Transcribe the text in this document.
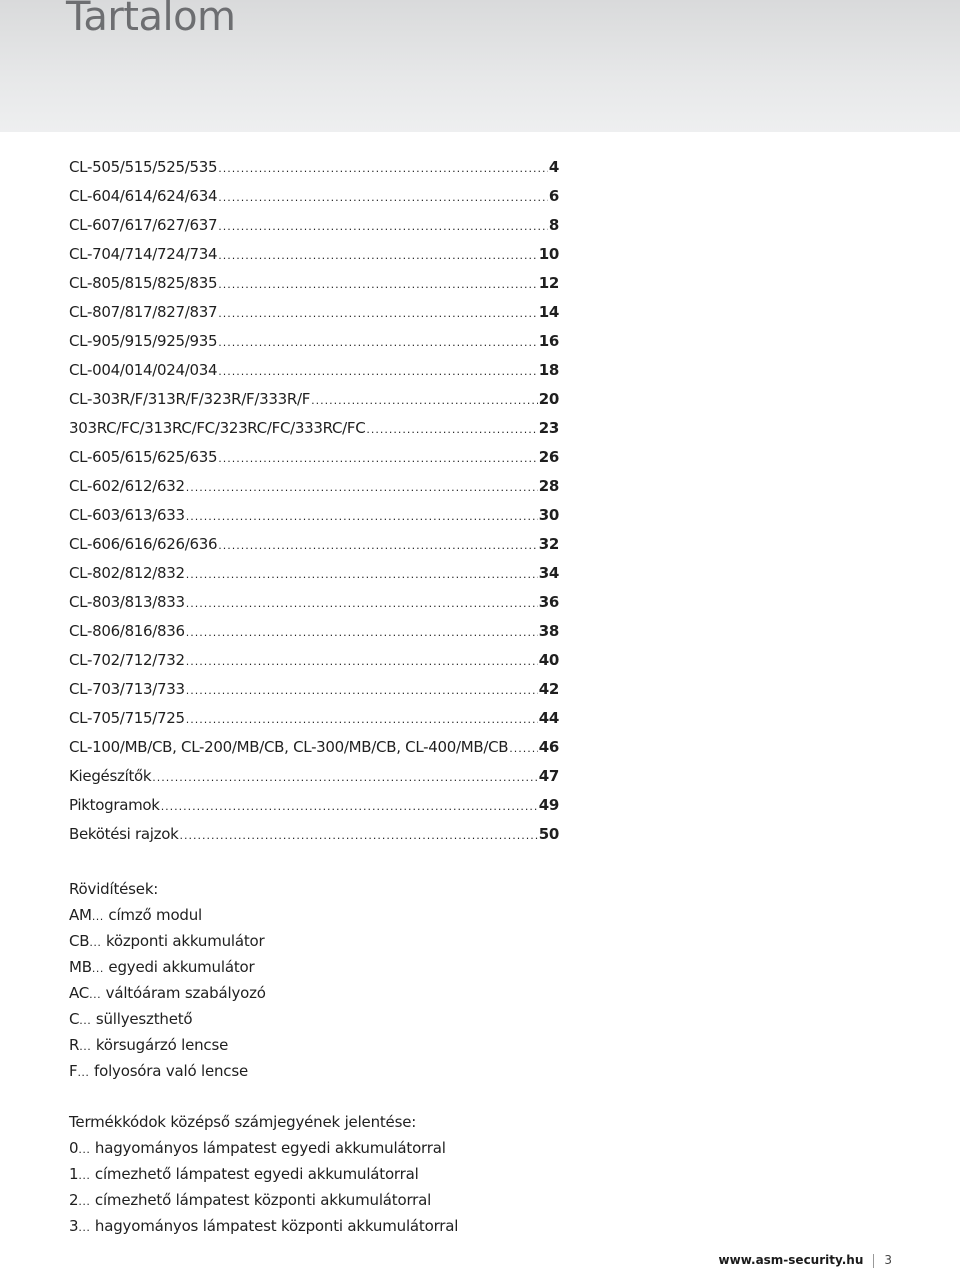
Tartalom
CL-505/515/525/535 .....	4
CL-604/614/624/634 .....	6
CL-607/617/627/637 .....	8
CL-704/714/724/734 .....	10
CL-805/815/825/835 .....	12
CL-807/817/827/837 .....	14
CL-905/915/925/935 .....	16
CL-004/014/024/034 .....	18
CL-303R/F/313R/F/323R/F/333R/F .....	20
303RC/FC/313RC/FC/323RC/FC/333RC/FC .....	23
CL-605/615/625/635 .....	26
CL-602/612/632 .....	28
CL-603/613/633 .....	30
CL-606/616/626/636 .....	32
CL-802/812/832 .....	34
CL-803/813/833 .....	36
CL-806/816/836 .....	38
CL-702/712/732 .....	40
CL-703/713/733 .....	42
CL-705/715/725 .....	44
CL-100/MB/CB, CL-200/MB/CB, CL-300/MB/CB, CL-400/MB/CB ..... 46
Kiegészítők .....	47
Piktogramok .....	49
Bekötési rajzok .....	50
Rövidítések:
AM... címző modul
CB... központi akkumulátor
MB... egyedi akkumulátor
AC... váltóáram szabályozó
C... süllyeszthető
R... körsugárzó lencse
F... folyosóra való lencse
Termékkódok középső számjegyének jelentése:
0... hagyományos lámpatest egyedi akkumulátorral
1... címezhető lámpatest egyedi akkumulátorral
2... címezhető lámpatest központi akkumulátorral
3... hagyományos lámpatest központi akkumulátorral
www.asm-security.hu 3
